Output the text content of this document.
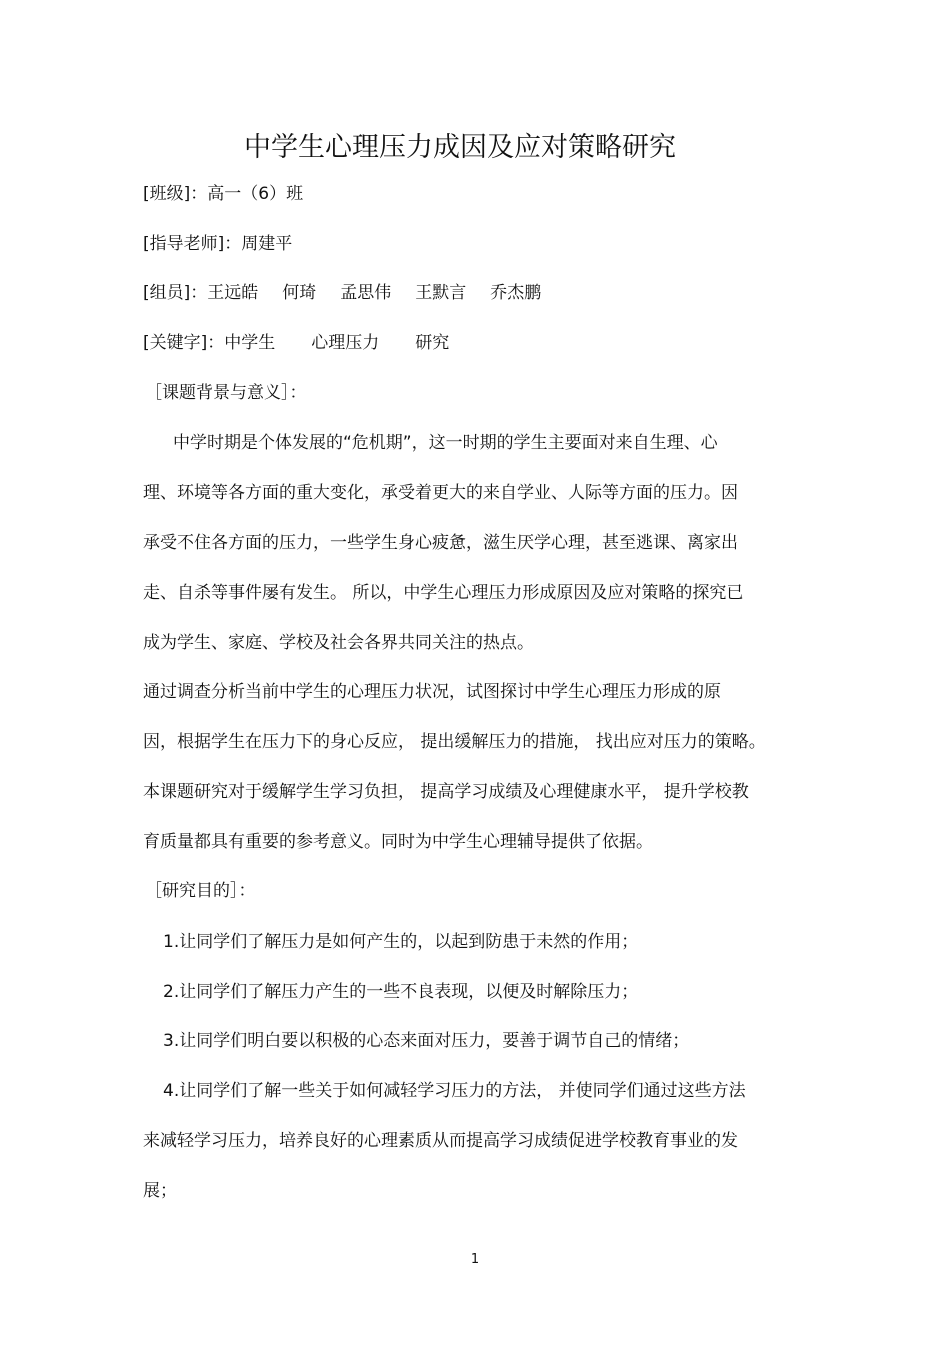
中学生心理压力成因及应对策略研究
[班级]：高一（6）班
[指导老师]：周建平
[组员]：王远皓 何琦 孟思伟 王默言 乔杰鹏
[关键字]：中学生 心理压力 研究
［课题背景与意义］：
中学时期是个体发展的“危机期”，这一时期的学生主要面对来自生理、心
理、环境等各方面的重大变化，承受着更大的来自学业、人际等方面的压力。因
承受不住各方面的压力，一些学生身心疲惫，滋生厌学心理，甚至逃课、离家出
走、自杀等事件屡有发生。 所以，中学生心理压力形成原因及应对策略的探究已
成为学生、家庭、学校及社会各界共同关注的热点。
通过调查分析当前中学生的心理压力状况，试图探讨中学生心理压力形成的原
因，根据学生在压力下的身心反应， 提出缓解压力的措施， 找出应对压力的策略。
本课题研究对于缓解学生学习负担， 提高学习成绩及心理健康水平， 提升学校教
育质量都具有重要的参考意义。同时为中学生心理辅导提供了依据。
［研究目的］：
1.让同学们了解压力是如何产生的，以起到防患于未然的作用；
2.让同学们了解压力产生的一些不良表现，以便及时解除压力；
3.让同学们明白要以积极的心态来面对压力，要善于调节自己的情绪；
4.让同学们了解一些关于如何减轻学习压力的方法， 并使同学们通过这些方法
来减轻学习压力，培养良好的心理素质从而提高学习成绩促进学校教育事业的发
展；
1
